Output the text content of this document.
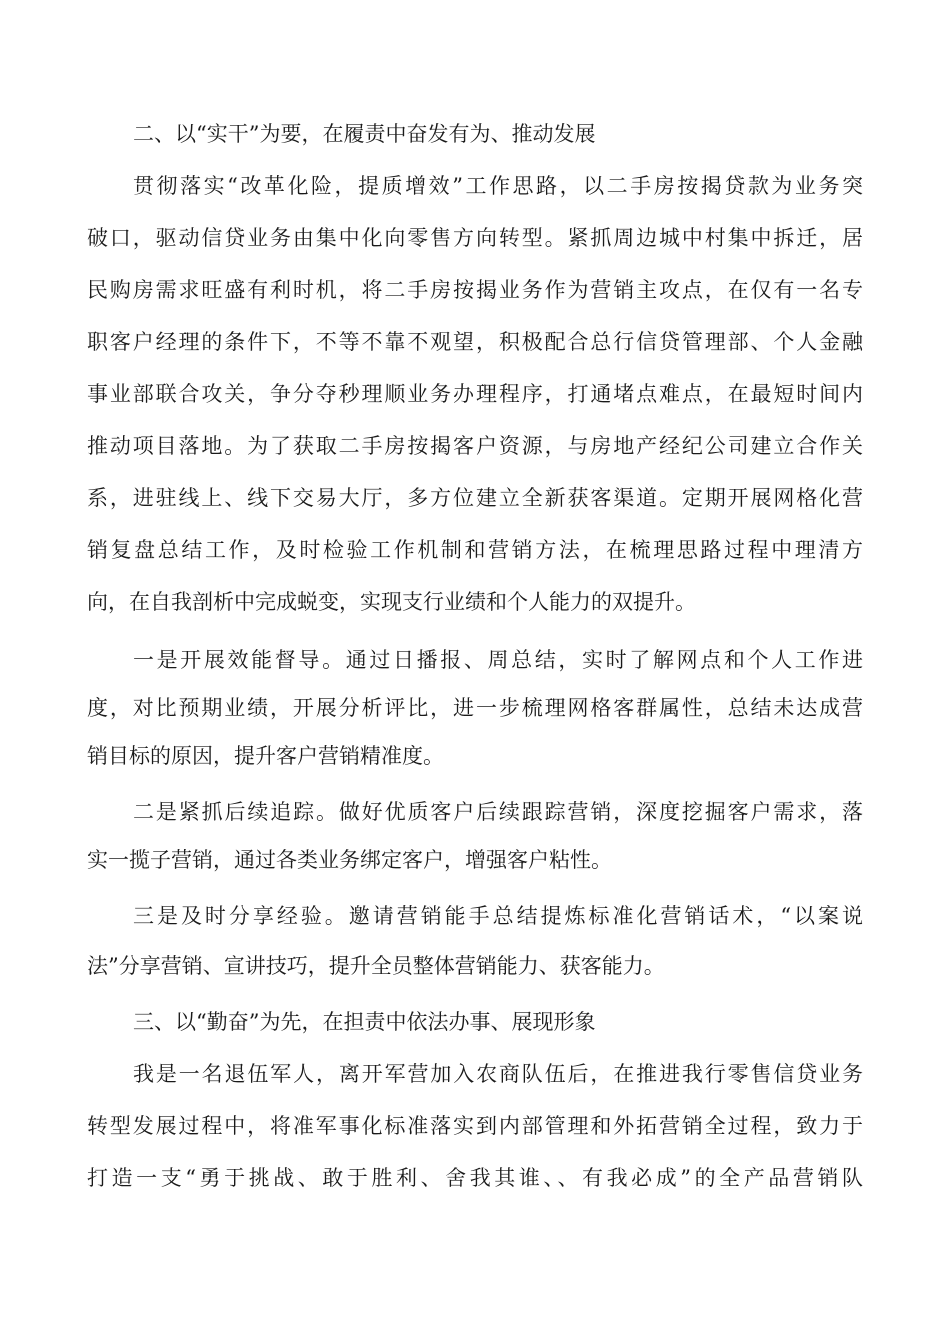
二、以“实干”为要，在履责中奋发有为、推动发展
贯彻落实“改革化险，提质增效”工作思路，以二手房按揭贷款为业务突
破口，驱动信贷业务由集中化向零售方向转型。紧抓周边城中村集中拆迁，居
民购房需求旺盛有利时机，将二手房按揭业务作为营销主攻点，在仅有一名专
职客户经理的条件下，不等不靠不观望，积极配合总行信贷管理部、个人金融
事业部联合攻关，争分夺秒理顺业务办理程序，打通堵点难点，在最短时间内
推动项目落地。为了获取二手房按揭客户资源，与房地产经纪公司建立合作关
系，进驻线上、线下交易大厅，多方位建立全新获客渠道。定期开展网格化营
销复盘总结工作，及时检验工作机制和营销方法，在梳理思路过程中理清方
向，在自我剖析中完成蜕变，实现支行业绩和个人能力的双提升。
一是开展效能督导。通过日播报、周总结，实时了解网点和个人工作进
度，对比预期业绩，开展分析评比，进一步梳理网格客群属性，总结未达成营
销目标的原因，提升客户营销精准度。
二是紧抓后续追踪。做好优质客户后续跟踪营销，深度挖掘客户需求，落
实一揽子营销，通过各类业务绑定客户，增强客户粘性。
三是及时分享经验。邀请营销能手总结提炼标准化营销话术，“以案说
法”分享营销、宣讲技巧，提升全员整体营销能力、获客能力。
三、以“勤奋”为先，在担责中依法办事、展现形象
我是一名退伍军人，离开军营加入农商队伍后，在推进我行零售信贷业务
转型发展过程中，将准军事化标准落实到内部管理和外拓营销全过程，致力于
打造一支“勇于挑战、敢于胜利、舍我其谁、、有我必成”的全产品营销队
